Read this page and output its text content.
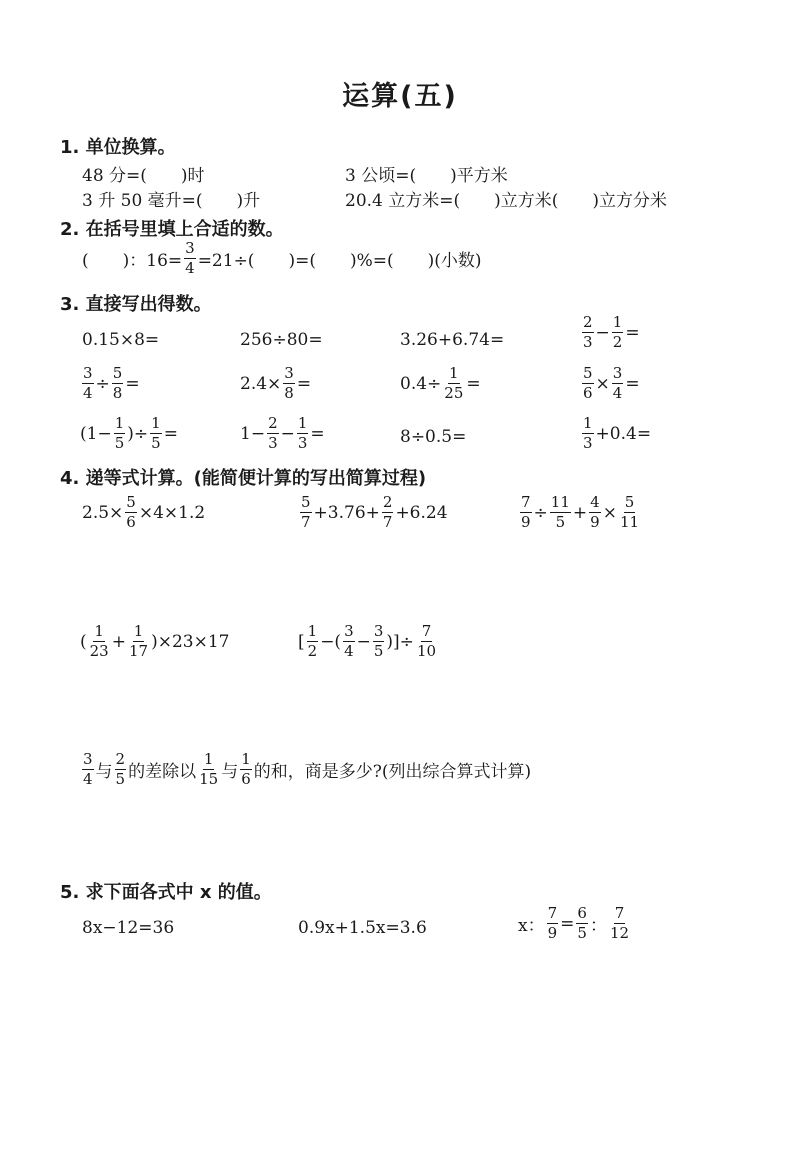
运算(五)
1. 单位换算。
48 分=(　　)时	3 公顷=(　　)平方米
3 升 50 毫升=(　　)升	20.4 立方米=(　　)立方米(　　)立方分米
2. 在括号里填上合适的数。
(　　)：$16= \frac{3}{4} =21\div$(　　)=(　　)%=(　　)(小数)
3. 直接写出得数。
0.15×8=	256÷80=	3.26+6.74=	$\frac{2}{3} - \frac{1}{2}$ =
$\frac{3}{4} \div \frac{5}{8}$ =	$2.4\times \frac{3}{8}$ =	$0.4\div \frac{1}{25}$ =	$\frac{5}{6} \times \frac{3}{4}$ =
($1- \frac{1}{5}$ )÷ $\frac{1}{5}$ =	$1- \frac{2}{3} - \frac{1}{3}$ =	8÷0.5=	$\frac{1}{3} +0.4=$
4. 递等式计算。(能简便计算的写出简算过程)
$2.5\times \frac{5}{6} \times 4\times 1.2$	$\frac{5}{7} +3.76+ \frac{2}{7} +6.24$	$\frac{7}{9} \div \frac{11}{5} + \frac{4}{9} \times \frac{5}{11}$
( $\frac{1}{23} + \frac{1}{17} )\times 23\times 17$	[ $\frac{1}{2}$ −( $\frac{3}{4} - \frac{3}{5}$ )]÷ $\frac{7}{10}$
$\frac{3}{4}$ 与 $\frac{2}{5}$ 的差除以 $\frac{1}{15}$ 与 $\frac{1}{6}$ 的和，商是多少?(列出综合算式计算)
5. 求下面各式中 x 的值。
8x−12=36	0.9x+1.5x=3.6	x： $\frac{7}{9} = \frac{6}{5}$ ： $\frac{7}{12}$
